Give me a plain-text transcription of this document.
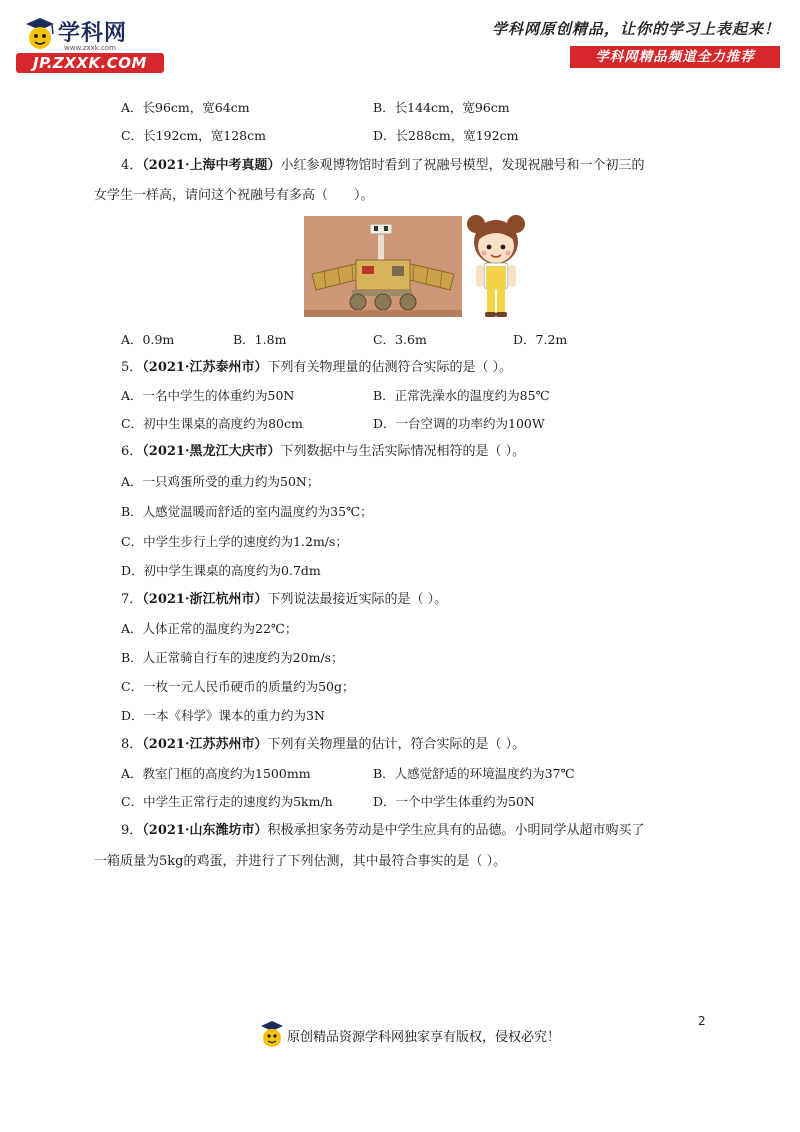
学科网
www.zxxk.com
JP.ZXXK.COM
学科网原创精品，让你的学习上表起来！
学科网精品频道全力推荐
A．长96cm，宽64cm	B．长144cm，宽96cm
C．长192cm，宽128cm	D．长288cm，宽192cm
4．（2021·上海中考真题）小红参观博物馆时看到了祝融号模型，发现祝融号和一个初三的
女学生一样高，请问这个祝融号有多高（　　）。
A．0.9m	B．1.8m	C．3.6m	D．7.2m
5．（2021·江苏泰州市）下列有关物理量的估测符合实际的是（ ）。
A．一名中学生的体重约为50N	B．正常洗澡水的温度约为85℃
C．初中生课桌的高度约为80cm	D．一台空调的功率约为100W
6．（2021·黑龙江大庆市）下列数据中与生活实际情况相符的是（ ）。
A．一只鸡蛋所受的重力约为50N；
B．人感觉温暖而舒适的室内温度约为35℃；
C．中学生步行上学的速度约为1.2m/s；
D．初中学生课桌的高度约为0.7dm
7．（2021·浙江杭州市）下列说法最接近实际的是（ ）。
A．人体正常的温度约为22℃；
B．人正常骑自行车的速度约为20m/s；
C．一枚一元人民币硬币的质量约为50g；
D．一本《科学》课本的重力约为3N
8．（2021·江苏苏州市）下列有关物理量的估计，符合实际的是（ ）。
A．教室门框的高度约为1500mm	B．人感觉舒适的环境温度约为37℃
C．中学生正常行走的速度约为5km/h	D．一个中学生体重约为50N
9．（2021·山东潍坊市）积极承担家务劳动是中学生应具有的品德。小明同学从超市购买了
一箱质量为5kg的鸡蛋，并进行了下列估测，其中最符合事实的是（ ）。
2
原创精品资源学科网独家享有版权，侵权必究！
